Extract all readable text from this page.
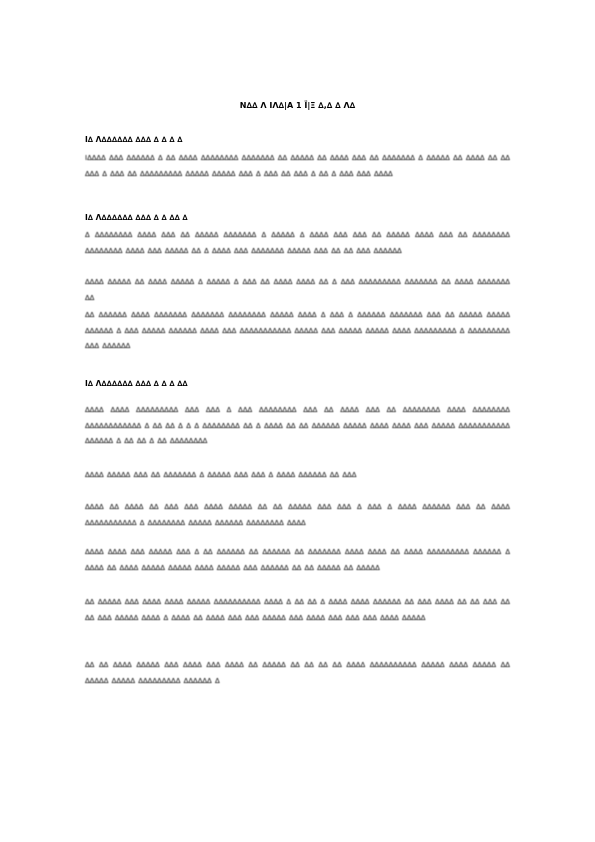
Ν∆∆ Λ ΙΛ∆|Α 1 Ϊ|Ξ ∆,∆ ∆ Λ∆
Ι∆ Λ∆∆∆∆∆∆ ∆∆∆ ∆ ∆ ∆ ∆
Ι∆∆∆∆ ∆∆∆ ∆∆∆∆∆∆ ∆ ∆∆ ∆∆∆∆ ∆∆∆∆∆∆∆∆ ∆∆∆∆∆∆∆ ∆∆ ∆∆∆∆∆ ∆∆ ∆∆∆∆ ∆∆∆ ∆∆ ∆∆∆∆∆∆∆ ∆ ∆∆∆∆∆ ∆∆ ∆∆∆∆ ∆∆ ∆∆ ∆∆∆ ∆ ∆∆∆ ∆∆ ∆∆∆∆∆∆∆∆∆ ∆∆∆∆∆ ∆∆∆∆∆ ∆∆∆ ∆ ∆∆∆ ∆∆ ∆∆∆ ∆ ∆∆ ∆ ∆∆∆ ∆∆∆ ∆∆∆∆
Ι∆ Λ∆∆∆∆∆∆ ∆∆∆ ∆ ∆ ∆∆ ∆
∆ ∆∆∆∆∆∆∆∆ ∆∆∆∆ ∆∆∆ ∆∆ ∆∆∆∆∆ ∆∆∆∆∆∆∆ ∆ ∆∆∆∆∆ ∆ ∆∆∆∆ ∆∆∆ ∆∆∆ ∆∆ ∆∆∆∆∆ ∆∆∆∆ ∆∆∆ ∆∆ ∆∆∆∆∆∆∆∆ ∆∆∆∆∆∆∆∆ ∆∆∆∆ ∆∆∆ ∆∆∆∆∆ ∆∆ ∆ ∆∆∆∆ ∆∆∆ ∆∆∆∆∆∆∆ ∆∆∆∆∆ ∆∆∆ ∆∆ ∆∆ ∆∆∆ ∆∆∆∆∆∆
∆∆∆∆ ∆∆∆∆∆ ∆∆ ∆∆∆∆ ∆∆∆∆∆ ∆ ∆∆∆∆∆ ∆ ∆∆∆ ∆∆ ∆∆∆∆ ∆∆∆∆ ∆∆ ∆ ∆∆∆ ∆∆∆∆∆∆∆∆∆ ∆∆∆∆∆∆∆ ∆∆ ∆∆∆∆ ∆∆∆∆∆∆∆ ∆∆
∆∆ ∆∆∆∆∆∆ ∆∆∆∆ ∆∆∆∆∆∆∆ ∆∆∆∆∆∆∆ ∆∆∆∆∆∆∆∆ ∆∆∆∆∆ ∆∆∆∆ ∆ ∆∆∆ ∆ ∆∆∆∆∆∆ ∆∆∆∆∆∆∆ ∆∆∆ ∆∆ ∆∆∆∆∆ ∆∆∆∆∆ ∆∆∆∆∆∆ ∆ ∆∆∆ ∆∆∆∆∆ ∆∆∆∆∆∆ ∆∆∆∆ ∆∆∆ ∆∆∆∆∆∆∆∆∆∆∆ ∆∆∆∆∆ ∆∆∆ ∆∆∆∆∆ ∆∆∆∆∆ ∆∆∆∆ ∆∆∆∆∆∆∆∆∆ ∆ ∆∆∆∆∆∆∆∆∆ ∆∆∆ ∆∆∆∆∆∆
Ι∆ Λ∆∆∆∆∆∆ ∆∆∆ ∆ ∆ ∆ ∆∆
∆∆∆∆ ∆∆∆∆ ∆∆∆∆∆∆∆∆∆ ∆∆∆ ∆∆∆ ∆ ∆∆∆ ∆∆∆∆∆∆∆∆ ∆∆∆ ∆∆ ∆∆∆∆ ∆∆∆ ∆∆ ∆∆∆∆∆∆∆∆ ∆∆∆∆ ∆∆∆∆∆∆∆∆ ∆∆∆∆∆∆∆∆∆∆∆∆ ∆ ∆∆ ∆∆ ∆ ∆ ∆ ∆∆∆∆∆∆∆∆ ∆∆ ∆ ∆∆∆∆ ∆∆ ∆∆ ∆∆∆∆∆∆ ∆∆∆∆∆ ∆∆∆∆ ∆∆∆∆ ∆∆∆ ∆∆∆∆∆ ∆∆∆∆∆∆∆∆∆∆∆ ∆∆∆∆∆∆ ∆ ∆∆ ∆∆ ∆ ∆∆ ∆∆∆∆∆∆∆∆
∆∆∆∆ ∆∆∆∆∆ ∆∆∆ ∆∆ ∆∆∆∆∆∆∆ ∆ ∆∆∆∆∆ ∆∆∆ ∆∆∆ ∆ ∆∆∆∆ ∆∆∆∆∆∆ ∆∆ ∆∆∆
∆∆∆∆ ∆∆ ∆∆∆∆ ∆∆ ∆∆∆ ∆∆∆ ∆∆∆∆ ∆∆∆∆∆ ∆∆ ∆∆ ∆∆∆∆∆ ∆∆∆ ∆∆∆ ∆ ∆∆∆ ∆ ∆∆∆∆ ∆∆∆∆∆∆ ∆∆∆ ∆∆ ∆∆∆∆ ∆∆∆∆∆∆∆∆∆∆∆ ∆ ∆∆∆∆∆∆∆∆ ∆∆∆∆∆ ∆∆∆∆∆∆ ∆∆∆∆∆∆∆∆ ∆∆∆∆
∆∆∆∆ ∆∆∆∆ ∆∆∆ ∆∆∆∆∆ ∆∆∆ ∆ ∆∆ ∆∆∆∆∆∆ ∆∆ ∆∆∆∆∆∆ ∆∆ ∆∆∆∆∆∆∆ ∆∆∆∆ ∆∆∆∆ ∆∆ ∆∆∆∆ ∆∆∆∆∆∆∆∆∆ ∆∆∆∆∆∆ ∆ ∆∆∆∆ ∆∆ ∆∆∆∆ ∆∆∆∆∆ ∆∆∆∆∆ ∆∆∆∆ ∆∆∆∆∆ ∆∆∆ ∆∆∆∆∆∆ ∆∆ ∆∆ ∆∆∆∆∆ ∆∆ ∆∆∆∆∆
∆∆ ∆∆∆∆∆ ∆∆∆ ∆∆∆∆ ∆∆∆∆ ∆∆∆∆∆ ∆∆∆∆∆∆∆∆∆∆ ∆∆∆∆ ∆ ∆∆ ∆∆ ∆ ∆∆∆∆ ∆∆∆∆ ∆∆∆∆∆∆ ∆∆ ∆∆∆ ∆∆∆∆ ∆∆ ∆∆ ∆∆∆ ∆∆ ∆∆ ∆∆∆ ∆∆∆∆∆ ∆∆∆∆ ∆ ∆∆∆∆ ∆∆ ∆∆∆∆ ∆∆∆ ∆∆∆ ∆∆∆∆∆ ∆∆∆ ∆∆∆∆ ∆∆∆ ∆∆∆ ∆∆∆ ∆∆∆∆ ∆∆∆∆∆
∆∆ ∆∆ ∆∆∆∆ ∆∆∆∆∆ ∆∆∆ ∆∆∆∆ ∆∆∆ ∆∆∆∆ ∆∆ ∆∆∆∆∆ ∆∆ ∆∆ ∆∆ ∆∆ ∆∆∆∆ ∆∆∆∆∆∆∆∆∆∆ ∆∆∆∆∆ ∆∆∆∆ ∆∆∆∆∆ ∆∆ ∆∆∆∆∆ ∆∆∆∆∆ ∆∆∆∆∆∆∆∆∆ ∆∆∆∆∆∆ ∆
